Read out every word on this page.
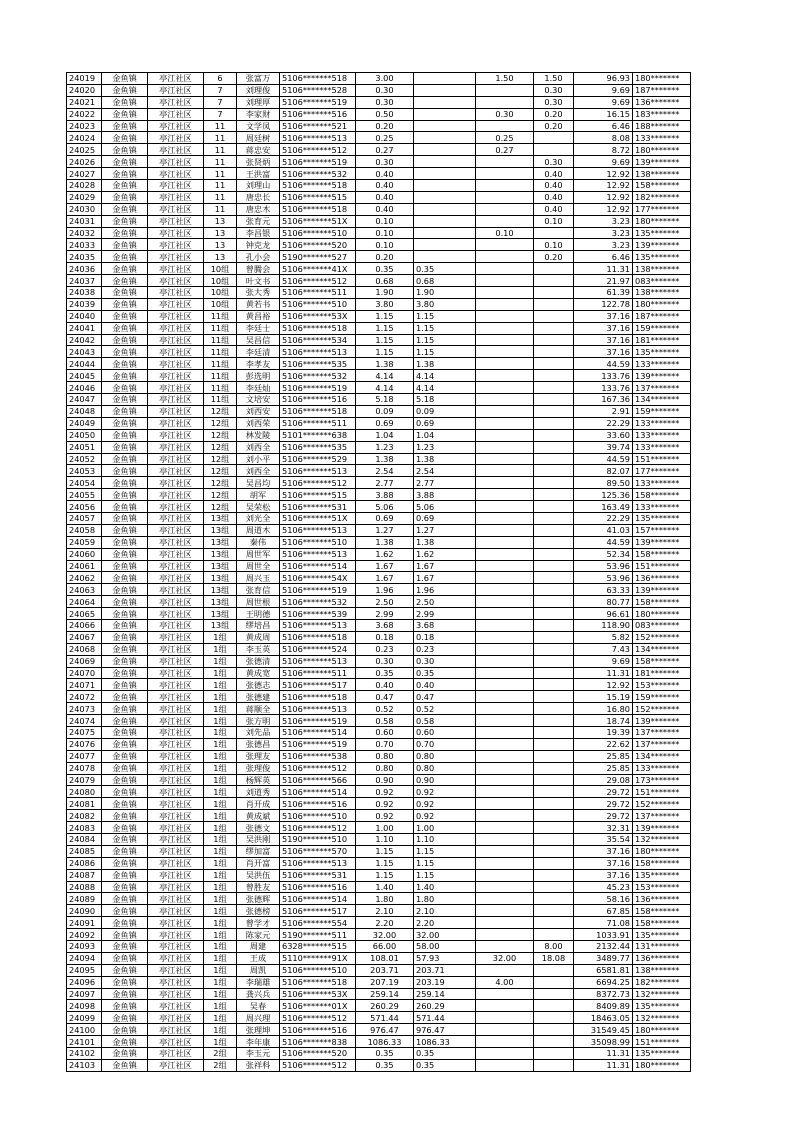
24019	金鱼镇	亭江社区	6	张富万	5106*******518	3.00		1.50	1.50	96.93	180*******	
24020	金鱼镇	亭江社区	7	刘理俊	5106*******528	0.30			0.30	9.69	187*******	
24021	金鱼镇	亭江社区	7	刘理厚	5106*******519	0.30			0.30	9.69	136*******	
24022	金鱼镇	亭江社区	7	李家财	5106*******516	0.50		0.30	0.20	16.15	183*******	
24023	金鱼镇	亭江社区	11	文学凤	5106*******521	0.20			0.20	6.46	188*******	
24024	金鱼镇	亭江社区	11	周廷树	5106*******513	0.25		0.25		8.08	133*******	
24025	金鱼镇	亭江社区	11	蒋忠安	5106*******512	0.27		0.27		8.72	180*******	
24026	金鱼镇	亭江社区	11	张贤炳	5106*******519	0.30			0.30	9.69	139*******	
24027	金鱼镇	亭江社区	11	王洪富	5106*******532	0.40			0.40	12.92	138*******	
24028	金鱼镇	亭江社区	11	刘理山	5106*******518	0.40			0.40	12.92	158*******	
24029	金鱼镇	亭江社区	11	唐忠长	5106*******515	0.40			0.40	12.92	182*******	
24030	金鱼镇	亭江社区	11	唐忠木	5106*******518	0.40			0.40	12.92	177*******	
24031	金鱼镇	亭江社区	13	张育元	5106*******51X	0.10			0.10	3.23	180*******	
24032	金鱼镇	亭江社区	13	李昌银	5106*******510	0.10		0.10		3.23	135*******	
24033	金鱼镇	亭江社区	13	钟克龙	5106*******520	0.10			0.10	3.23	139*******	
24035	金鱼镇	亭江社区	13	孔小会	5190*******527	0.20			0.20	6.46	135*******	
24036	金鱼镇	亭江社区	10组	曾腾会	5106*******41X	0.35	0.35			11.31	138*******	
24037	金鱼镇	亭江社区	10组	叶文书	5106*******512	0.68	0.68			21.97	083*******	
24038	金鱼镇	亭江社区	10组	张大秀	5106*******511	1.90	1.90			61.39	138*******	
24039	金鱼镇	亭江社区	10组	黄若书	5106*******510	3.80	3.80			122.78	180*******	
24040	金鱼镇	亭江社区	11组	黄昌裕	5106*******53X	1.15	1.15			37.16	187*******	
24041	金鱼镇	亭江社区	11组	李廷士	5106*******518	1.15	1.15			37.16	159*******	
24042	金鱼镇	亭江社区	11组	吴昌信	5106*******534	1.15	1.15			37.16	181*******	
24043	金鱼镇	亭江社区	11组	李廷清	5106*******513	1.15	1.15			37.16	135*******	
24044	金鱼镇	亭江社区	11组	李孝友	5106*******535	1.38	1.38			44.59	133*******	
24045	金鱼镇	亭江社区	11组	彭选明	5106*******532	4.14	4.14			133.76	139*******	
24046	金鱼镇	亭江社区	11组	李廷灿	5106*******519	4.14	4.14			133.76	137*******	
24047	金鱼镇	亭江社区	11组	文培安	5106*******516	5.18	5.18			167.36	134*******	
24048	金鱼镇	亭江社区	12组	刘西安	5106*******518	0.09	0.09			2.91	159*******	
24049	金鱼镇	亭江社区	12组	刘西荣	5106*******511	0.69	0.69			22.29	133*******	
24050	金鱼镇	亭江社区	12组	林发陵	5101*******638	1.04	1.04			33.60	133*******	
24051	金鱼镇	亭江社区	12组	刘西全	5106*******535	1.23	1.23			39.74	133*******	
24052	金鱼镇	亭江社区	12组	刘小平	5106*******529	1.38	1.38			44.59	151*******	
24053	金鱼镇	亭江社区	12组	刘西全	5106*******513	2.54	2.54			82.07	177*******	
24054	金鱼镇	亭江社区	12组	吴昌均	5106*******512	2.77	2.77			89.50	133*******	
24055	金鱼镇	亭江社区	12组	胡军	5106*******515	3.88	3.88			125.36	158*******	
24056	金鱼镇	亭江社区	12组	吴荣松	5106*******531	5.06	5.06			163.49	133*******	
24057	金鱼镇	亭江社区	13组	刘光全	5106*******51X	0.69	0.69			22.29	135*******	
24058	金鱼镇	亭江社区	13组	周道木	5106*******513	1.27	1.27			41.03	157*******	
24059	金鱼镇	亭江社区	13组	秦伟	5106*******510	1.38	1.38			44.59	139*******	
24060	金鱼镇	亭江社区	13组	周世军	5106*******513	1.62	1.62			52.34	158*******	
24061	金鱼镇	亭江社区	13组	周世全	5106*******514	1.67	1.67			53.96	151*******	
24062	金鱼镇	亭江社区	13组	周兴玉	5106*******54X	1.67	1.67			53.96	136*******	
24063	金鱼镇	亭江社区	13组	张育信	5106*******519	1.96	1.96			63.33	139*******	
24064	金鱼镇	亭江社区	13组	周世根	5106*******532	2.50	2.50			80.77	158*******	
24065	金鱼镇	亭江社区	13组	王明德	5106*******539	2.99	2.99			96.61	180*******	
24066	金鱼镇	亭江社区	13组	缪培昌	5106*******513	3.68	3.68			118.90	083*******	
24067	金鱼镇	亭江社区	1组	黄成周	5106*******518	0.18	0.18			5.82	152*******	
24068	金鱼镇	亭江社区	1组	李玉英	5106*******524	0.23	0.23			7.43	134*******	
24069	金鱼镇	亭江社区	1组	张德清	5106*******513	0.30	0.30			9.69	158*******	
24070	金鱼镇	亭江社区	1组	黄成宽	5106*******511	0.35	0.35			11.31	181*******	
24071	金鱼镇	亭江社区	1组	张德志	5106*******517	0.40	0.40			12.92	153*******	
24072	金鱼镇	亭江社区	1组	张德建	5106*******518	0.47	0.47			15.19	159*******	
24073	金鱼镇	亭江社区	1组	蒋顺全	5106*******513	0.52	0.52			16.80	152*******	
24074	金鱼镇	亭江社区	1组	张方明	5106*******519	0.58	0.58			18.74	139*******	
24075	金鱼镇	亭江社区	1组	刘先品	5106*******514	0.60	0.60			19.39	137*******	
24076	金鱼镇	亭江社区	1组	张德昌	5106*******519	0.70	0.70			22.62	137*******	
24077	金鱼镇	亭江社区	1组	张理友	5106*******538	0.80	0.80			25.85	134*******	
24078	金鱼镇	亭江社区	1组	张理俊	5106*******512	0.80	0.80			25.85	133*******	
24079	金鱼镇	亭江社区	1组	杨辉英	5106*******566	0.90	0.90			29.08	173*******	
24080	金鱼镇	亭江社区	1组	刘道秀	5106*******514	0.92	0.92			29.72	151*******	
24081	金鱼镇	亭江社区	1组	肖开成	5106*******516	0.92	0.92			29.72	152*******	
24082	金鱼镇	亭江社区	1组	黄成斌	5106*******510	0.92	0.92			29.72	137*******	
24083	金鱼镇	亭江社区	1组	张德文	5106*******512	1.00	1.00			32.31	139*******	
24084	金鱼镇	亭江社区	1组	吴洪刚	5190*******510	1.10	1.10			35.54	132*******	
24085	金鱼镇	亭江社区	1组	缪加富	5106*******570	1.15	1.15			37.16	180*******	
24086	金鱼镇	亭江社区	1组	肖开富	5106*******513	1.15	1.15			37.16	158*******	
24087	金鱼镇	亭江社区	1组	吴洪伍	5106*******531	1.15	1.15			37.16	135*******	
24088	金鱼镇	亭江社区	1组	曾胜友	5106*******516	1.40	1.40			45.23	153*******	
24089	金鱼镇	亭江社区	1组	张德辉	5106*******514	1.80	1.80			58.16	136*******	
24090	金鱼镇	亭江社区	1组	张德榜	5106*******517	2.10	2.10			67.85	158*******	
24091	金鱼镇	亭江社区	1组	曾学才	5106*******554	2.20	2.20			71.08	158*******	
24092	金鱼镇	亭江社区	1组	陈家元	5190*******511	32.00	32.00			1033.91	135*******	
24093	金鱼镇	亭江社区	1组	周建	6328*******515	66.00	58.00		8.00	2132.44	131*******	
24094	金鱼镇	亭江社区	1组	王成	5110*******91X	108.01	57.93	32.00	18.08	3489.77	136*******	
24095	金鱼镇	亭江社区	1组	周凯	5106*******510	203.71	203.71			6581.81	138*******	
24096	金鱼镇	亭江社区	1组	李瑞雄	5106*******518	207.19	203.19	4.00		6694.25	182*******	
24097	金鱼镇	亭江社区	1组	龚兴兵	5106*******53X	259.14	259.14			8372.73	132*******	
24098	金鱼镇	亭江社区	1组	吴春	5106*******01X	260.29	260.29			8409.89	135*******	
24099	金鱼镇	亭江社区	1组	周兴理	5106*******512	571.44	571.44			18463.05	132*******	
24100	金鱼镇	亭江社区	1组	张理坤	5106*******516	976.47	976.47			31549.45	180*******	
24101	金鱼镇	亭江社区	1组	李年康	5106*******838	1086.33	1086.33			35098.99	151*******	
24102	金鱼镇	亭江社区	2组	李玉元	5106*******520	0.35	0.35			11.31	135*******	
24103	金鱼镇	亭江社区	2组	张祥科	5106*******512	0.35	0.35			11.31	180*******	
